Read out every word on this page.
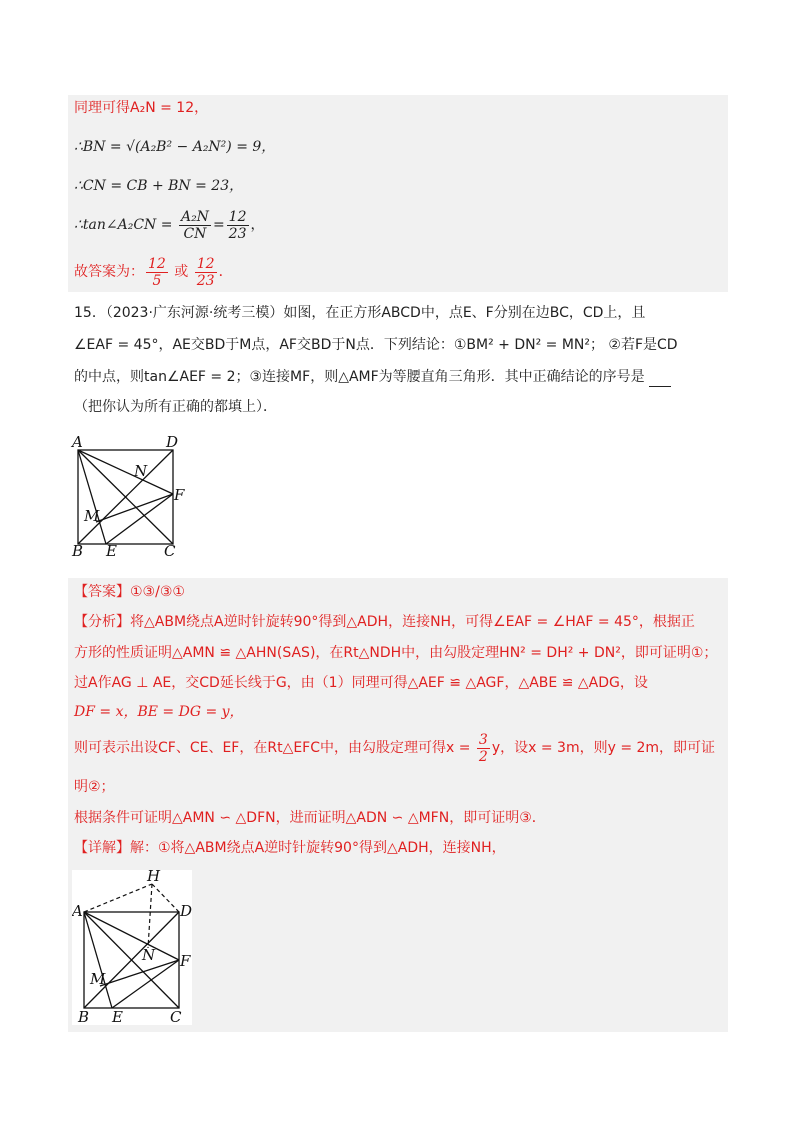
同理可得A₂N = 12，
∴BN = √(A₂B² − A₂N²) = 9，
∴CN = CB + BN = 23，
∴tan∠A₂CN = $\frac{\text{A₂N}}{CN} = \frac{12}{23}$ ，
故答案为： $\frac{12}{5}$ 或 $\frac{12}{23}$ ．
15．（2023·广东河源·统考三模）如图，在正方形ABCD中，点E、F分别在边BC，CD上，且
∠EAF = 45°，AE交BD于M点，AF交BD于N点．下列结论：①BM² + DN² = MN²； ②若F是CD
的中点，则tan∠AEF = 2；③连接MF，则△AMF为等腰直角三角形．其中正确结论的序号是
（把你认为所有正确的都填上）．
A	D
N
F
M
B E	C
【答案】①③/③①
【分析】将△ABM绕点A逆时针旋转90°得到△ADH，连接NH，可得∠EAF = ∠HAF = 45°，根据正
方形的性质证明△AMN ≌ △AHN(SAS)，在Rt△NDH中，由勾股定理HN² = DH² + DN²，即可证明①；
过A作AG ⊥ AE，交CD延长线于G，由（1）同理可得△AEF ≌ △AGF，△ABE ≌ △ADG，设
DF = x，BE = DG = y，
则可表示出设CF、CE、EF，在Rt△EFC中，由勾股定理可得$x = \frac{3}{2}$ y，设x = 3m，则y = 2m，即可证
明②；
根据条件可证明△AMN ∽ △DFN，进而证明△ADN ∽ △MFN，即可证明③．
【详解】解：①将△ABM绕点A逆时针旋转90°得到△ADH，连接NH，
H
A	D
N F
M
B E	C
